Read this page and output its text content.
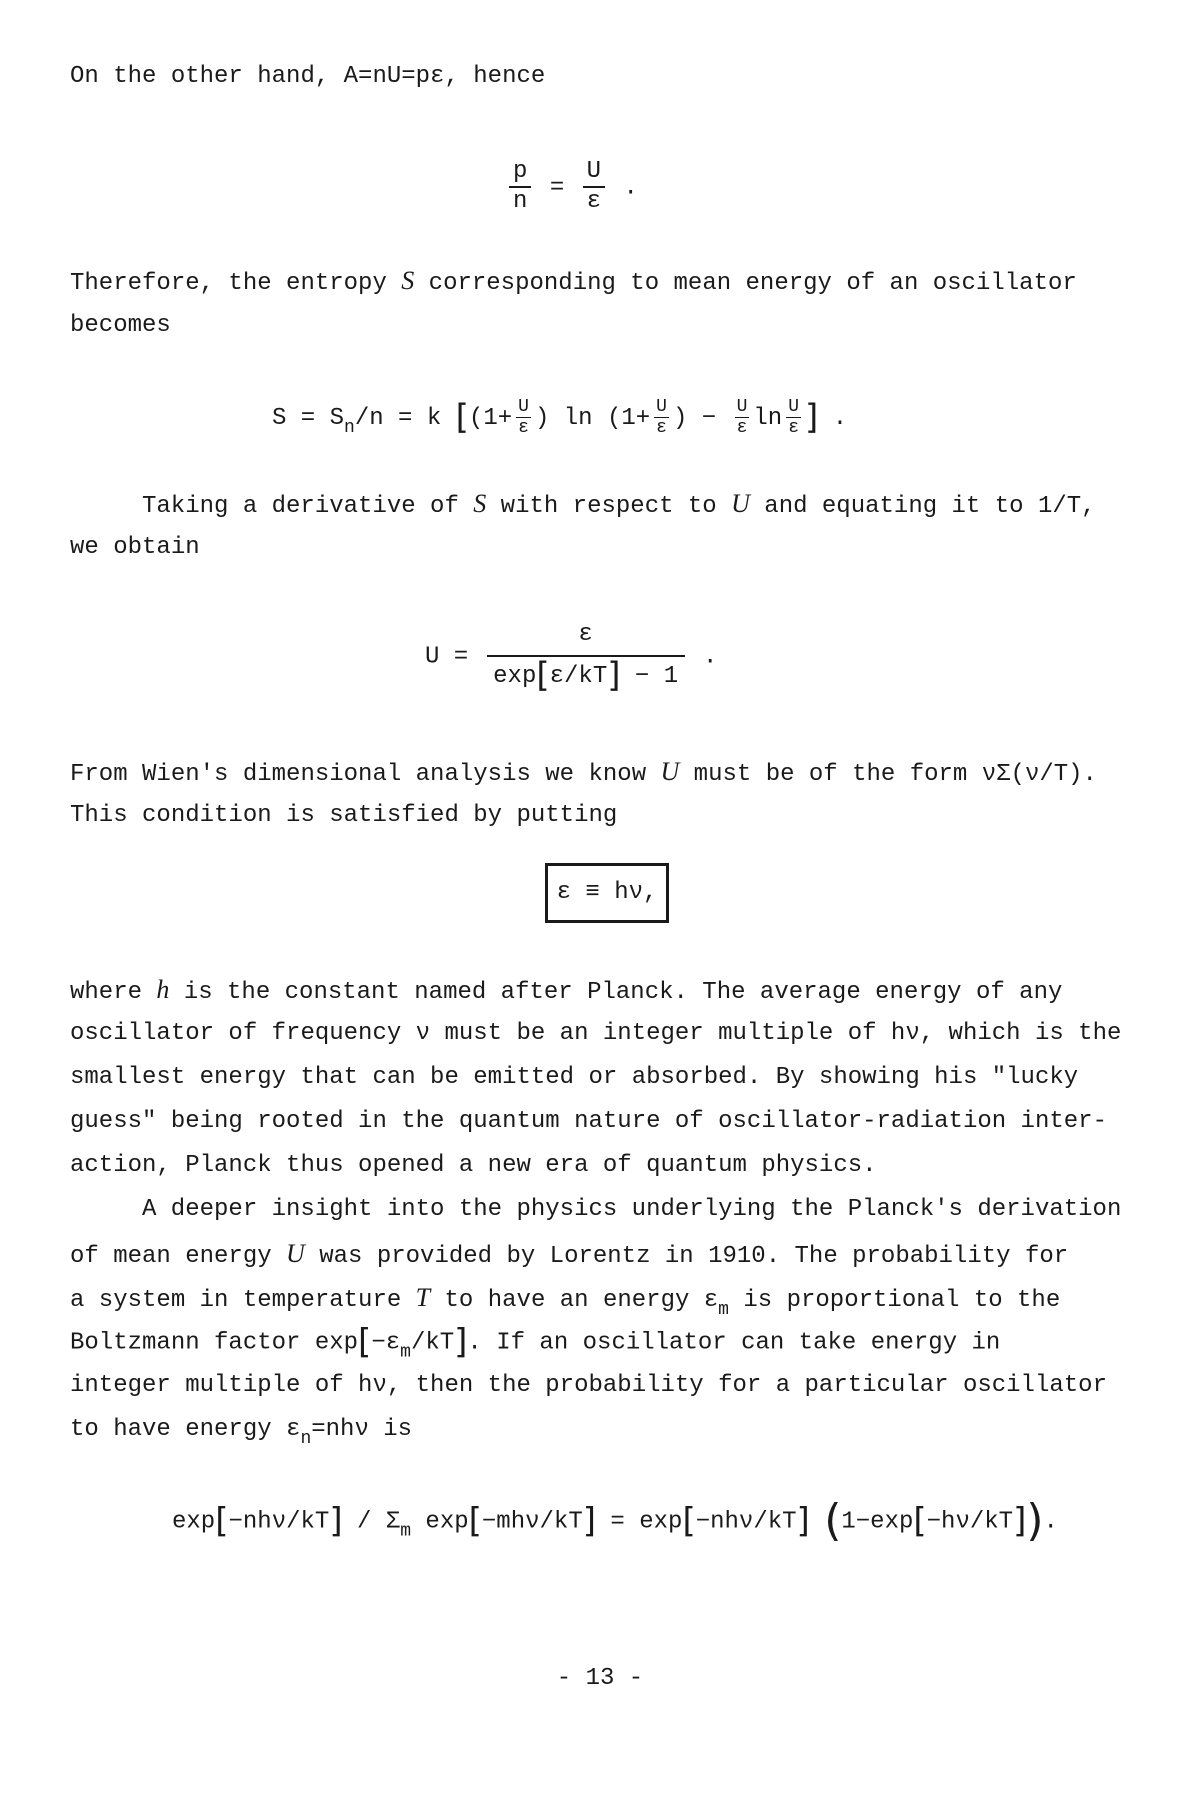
On the other hand, A=nU=pε, hence
$\frac{p}{n} = \frac{U}{\varepsilon}$ .
Therefore, the entropy S corresponding to mean energy of an oscillator
becomes
$S = S_n/n = k$ [($1+ \frac{U}{\varepsilon}$ ) $\ln (1+ \frac{U}{\varepsilon}$ ) − $\frac{U}{\varepsilon}$ $\ln \frac{U}{\varepsilon}$ ] .
Taking a derivative of S with respect to U and equating it to 1/T,
we obtain
$U = \frac{\varepsilon}{\exp[\varepsilon/kT] - 1}$ .
From Wien's dimensional analysis we know U must be of the form νΣ(ν/T).
This condition is satisfied by putting
ε ≡ hν,
where h is the constant named after Planck. The average energy of any
oscillator of frequency ν must be an integer multiple of hν, which is the
smallest energy that can be emitted or absorbed. By showing his "lucky
guess" being rooted in the quantum nature of oscillator-radiation inter-
action, Planck thus opened a new era of quantum physics.
A deeper insight into the physics underlying the Planck's derivation
of mean energy U was provided by Lorentz in 1910. The probability for
a system in temperature T to have an energy $\varepsilon_m$ is proportional to the
Boltzmann factor $\exp[-\varepsilon_m/kT]$. If an oscillator can take energy in
integer multiple of hν, then the probability for a particular oscillator
to have energy $\varepsilon_n=nh\nu$ is
$\exp[-nh\nu/kT] / \Sigma_m$ exp[−mhν/kT] = exp[−nhν/kT] (1−exp[−hν/kT]).
- 13 -
